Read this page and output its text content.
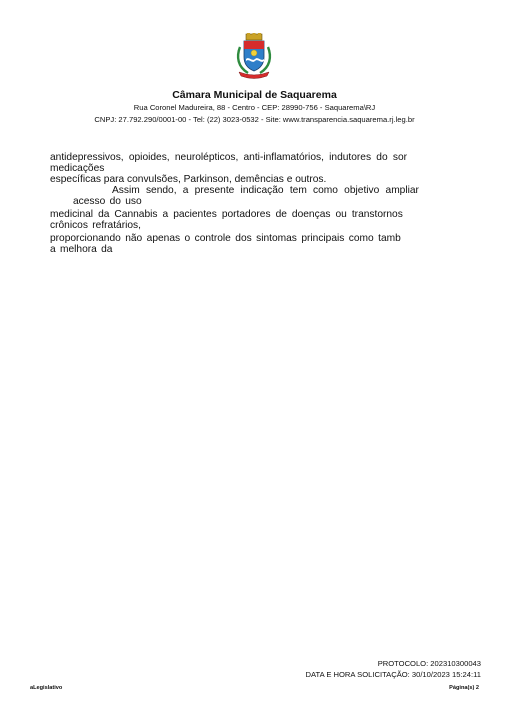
Câmara Municipal de Saquarema
Rua Coronel Madureira, 88 - Centro - CEP: 28990-756 - Saquarema\RJ
CNPJ: 27.792.290/0001-00 - Tel: (22) 3023-0532 - Site: www.transparencia.saquarema.rj.leg.br
antidepressivos, opioides, neurolépticos, anti-inflamatórios, indutores do sor
medicações
específicas para convulsões, Parkinson, demências e outros.
Assim sendo, a presente indicação tem como objetivo ampliar
acesso do uso
medicinal da Cannabis a pacientes portadores de doenças ou transtornos
crônicos refratários,
proporcionando não apenas o controle dos sintomas principais como tamb
a melhora da
PROTOCOLO: 202310300043
DATA E HORA SOLICITAÇÃO: 30/10/2023 15:24:11
aLegislativo	Página(s) 2
